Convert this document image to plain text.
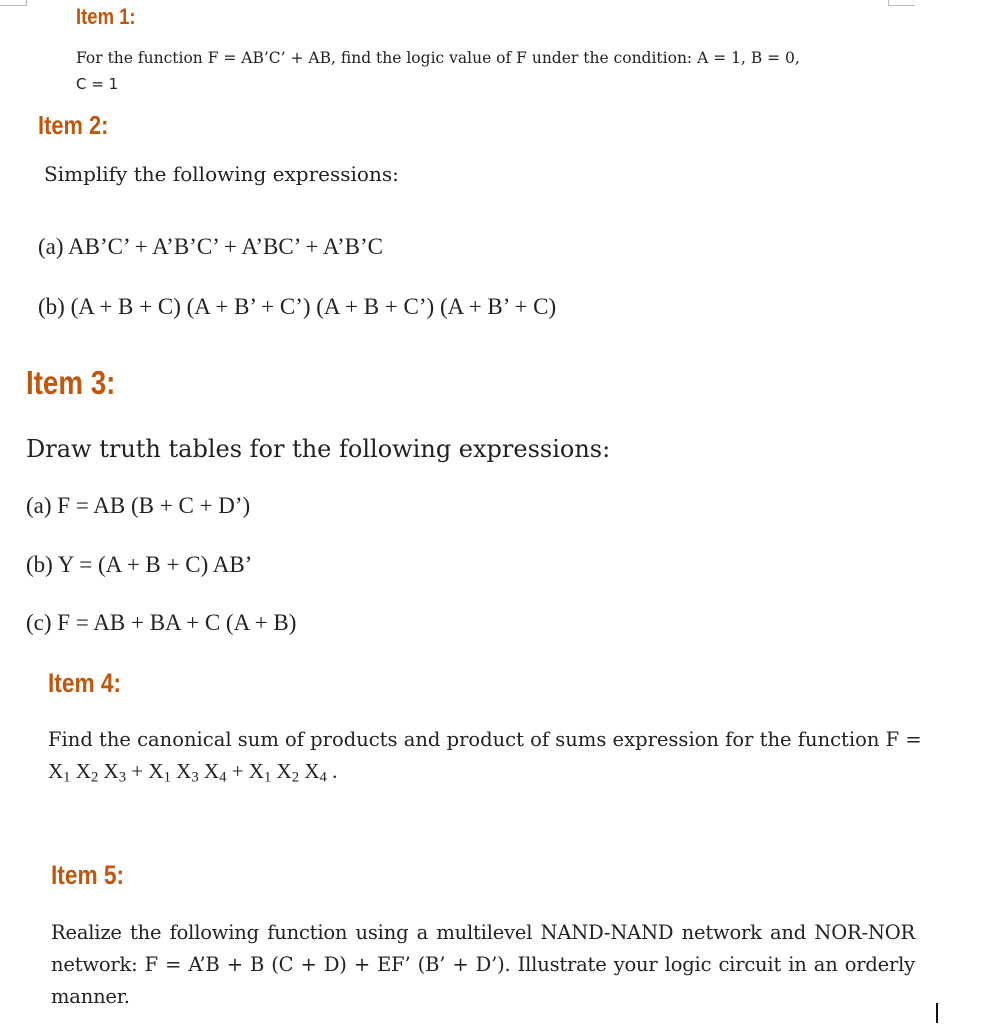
Item 1:
For the function F = AB’C’ + AB, find the logic value of F under the condition: A = 1, B = 0,
C = 1
Item 2:
Simplify the following expressions:
(a) AB’C’ + A’B’C’ + A’BC’ + A’B’C
(b) (A + B + C) (A + B’ + C’) (A + B + C’) (A + B’ + C)
Item 3:
Draw truth tables for the following expressions:
(a) F = AB (B + C + D’)
(b) Y = (A + B + C) AB’
(c) F = AB + BA + C (A + B)
Item 4:
Find the canonical sum of products and product of sums expression for the function F =
$X_1$ $X_2$ $X_3 + X_1$ $X_3$ $X_4 + X_1$ $X_2$ $X_4$ .
Item 5:
Realize the following function using a multilevel NAND-NAND network and NOR-NOR network: F = A’B + B (C + D) + EF’ (B’ + D’). Illustrate your logic circuit in an orderly manner.
